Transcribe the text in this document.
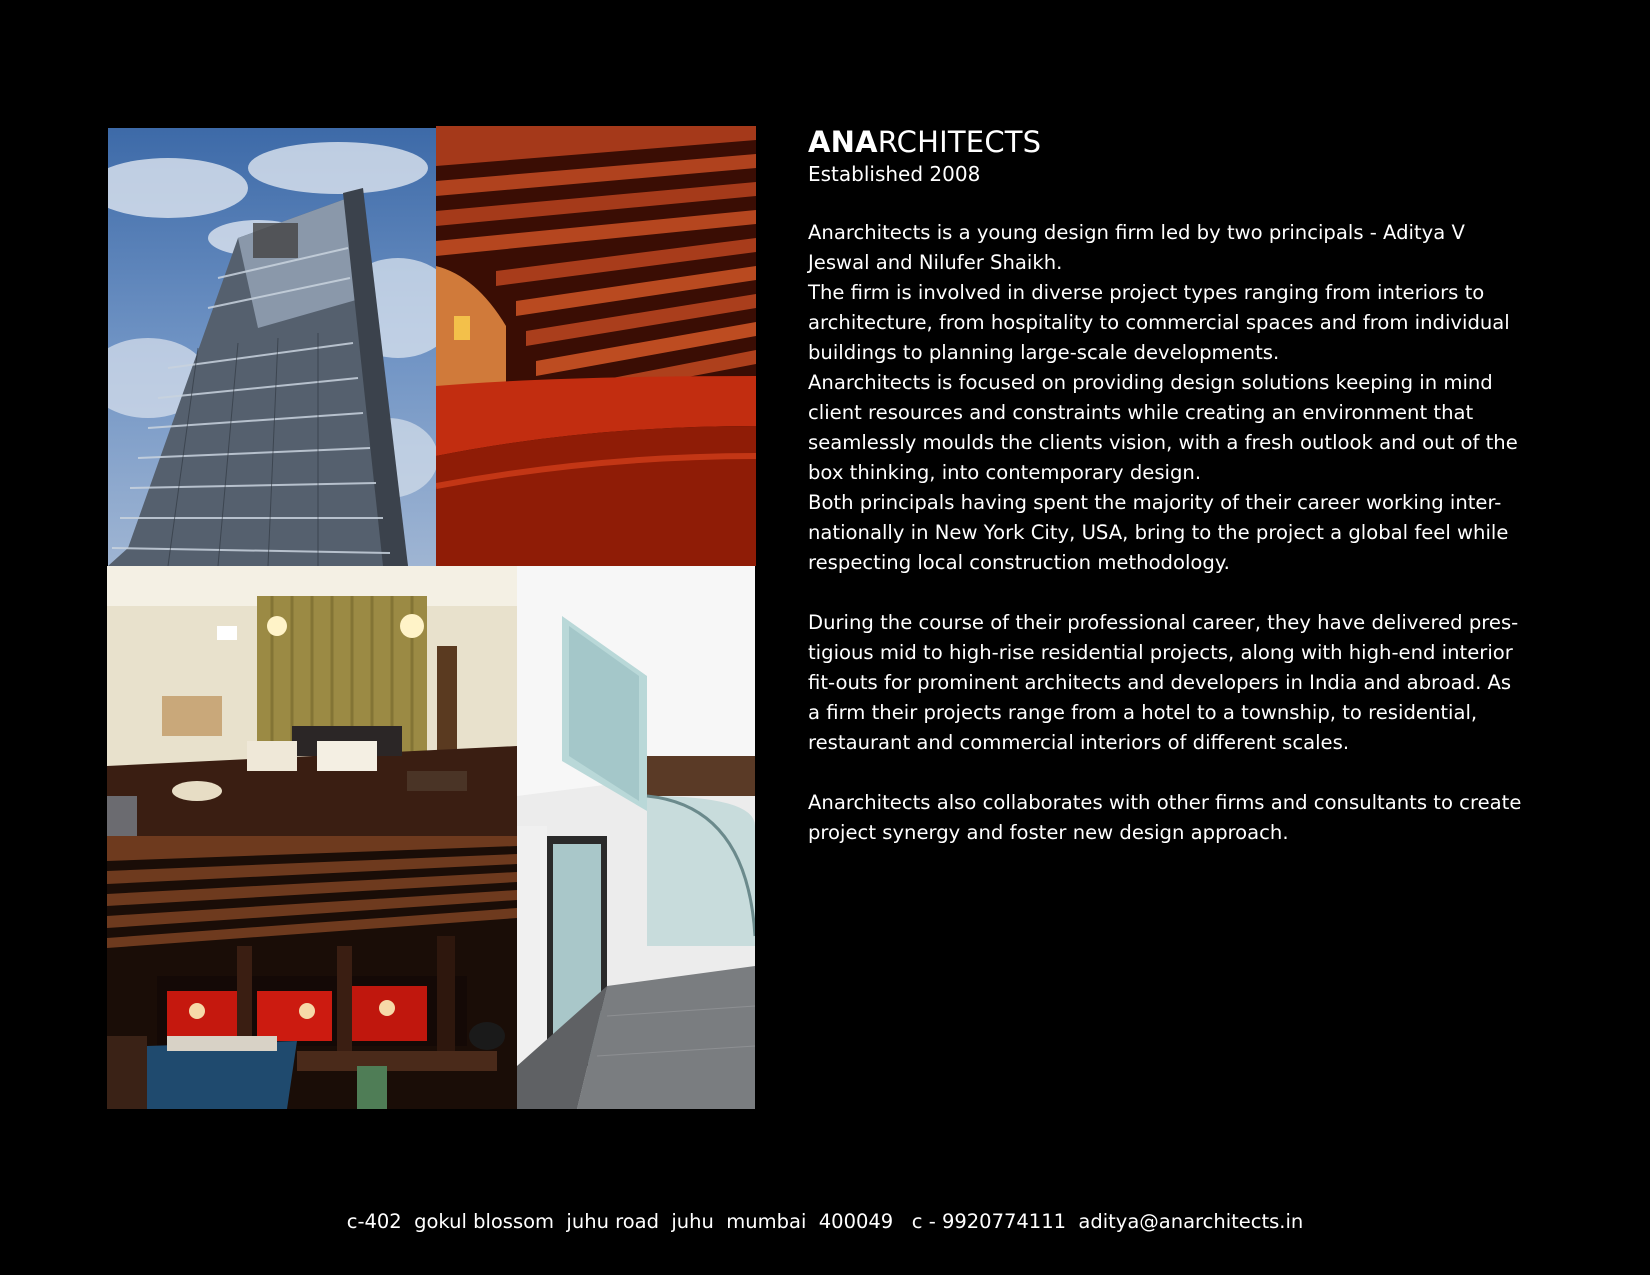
ANARCHITECTS
Established 2008

Anarchitects is a young design firm led by two principals - Aditya V
Jeswal and Nilufer Shaikh.
The firm is involved in diverse project types ranging from interiors to
architecture, from hospitality to commercial spaces and from individual
buildings to planning large-scale developments.
Anarchitects is focused on providing design solutions keeping in mind
client resources and constraints while creating an environment that
seamlessly moulds the clients vision, with a fresh outlook and out of the
box thinking, into contemporary design.
Both principals having spent the majority of their career working inter-
nationally in New York City, USA, bring to the project a global feel while
respecting local construction methodology.

During the course of their professional career, they have delivered pres-
tigious mid to high-rise residential projects, along with high-end interior
fit-outs for prominent architects and developers in India and abroad. As
a firm their projects range from a hotel to a township, to residential,
restaurant and commercial interiors of different scales.

Anarchitects also collaborates with other firms and consultants to create
project synergy and foster new design approach.

c-402  gokul blossom  juhu road  juhu  mumbai  400049   c - 9920774111  aditya@anarchitects.in
